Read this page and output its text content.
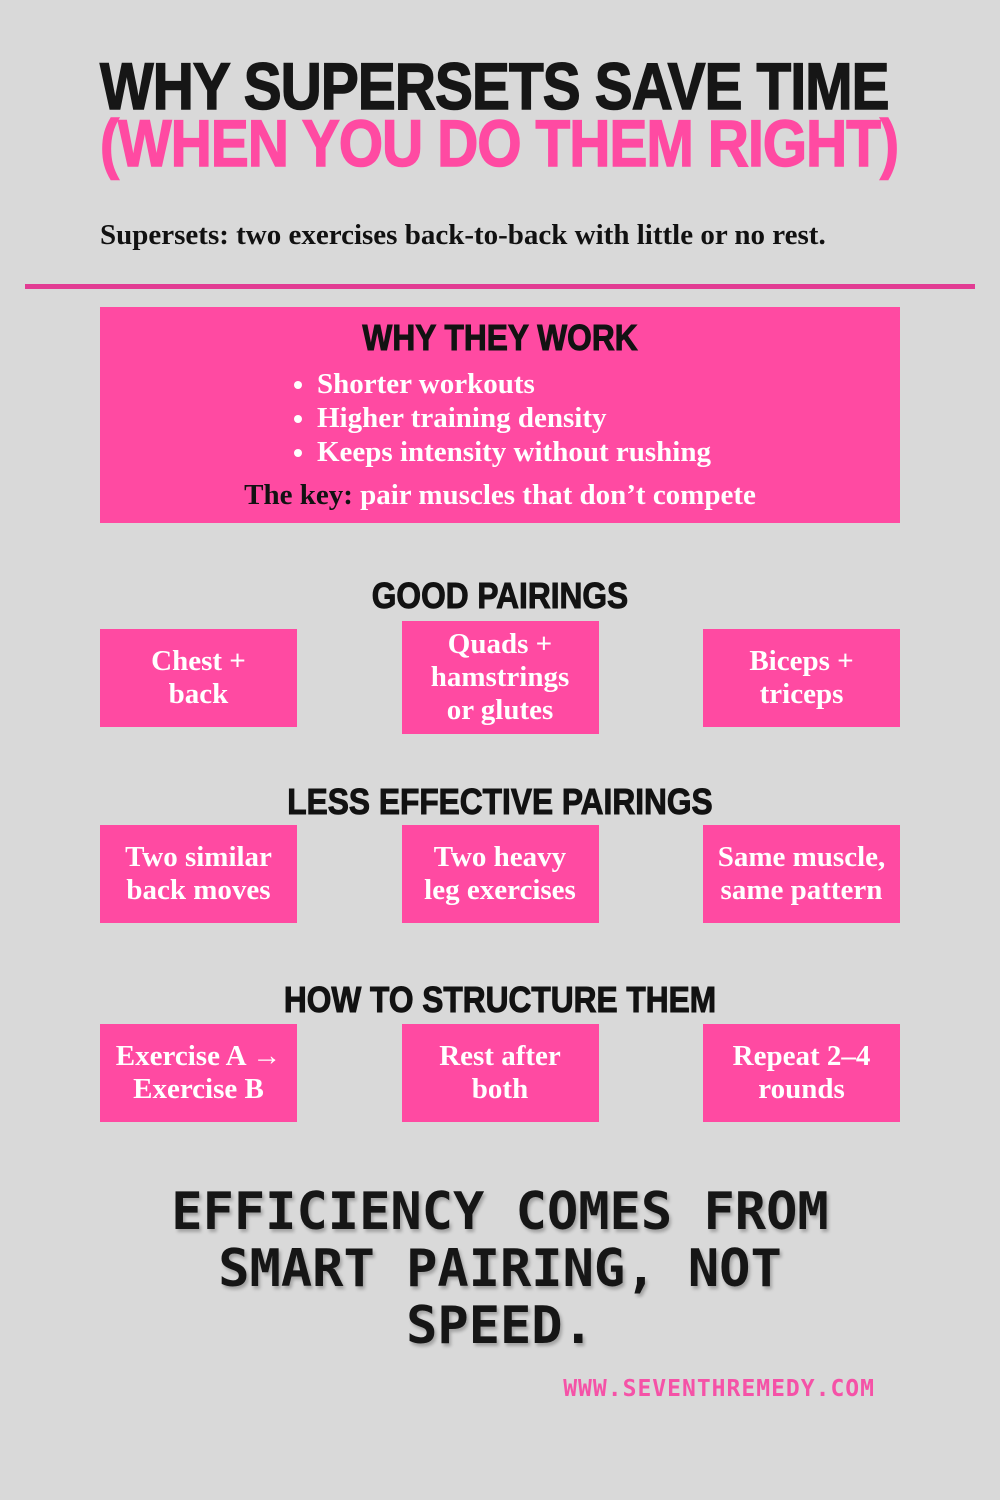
WHY SUPERSETS SAVE TIME (WHEN YOU DO THEM RIGHT)

Supersets: two exercises back-to-back with little or no rest.

WHY THEY WORK
• Shorter workouts
• Higher training density
• Keeps intensity without rushing

The key: pair muscles that don’t compete

GOOD PAIRINGS
Chest +
back
Quads +
hamstrings
or glutes
Biceps +
triceps
LESS EFFECTIVE PAIRINGS
Two similar
back moves
Two heavy
leg exercises
Same muscle,
same pattern
HOW TO STRUCTURE THEM
Exercise A →
Exercise B
Rest after
both
Repeat 2–4
rounds

EFFICIENCY COMES FROM
SMART PAIRING, NOT
SPEED.

WWW.SEVENTHREMEDY.COM
